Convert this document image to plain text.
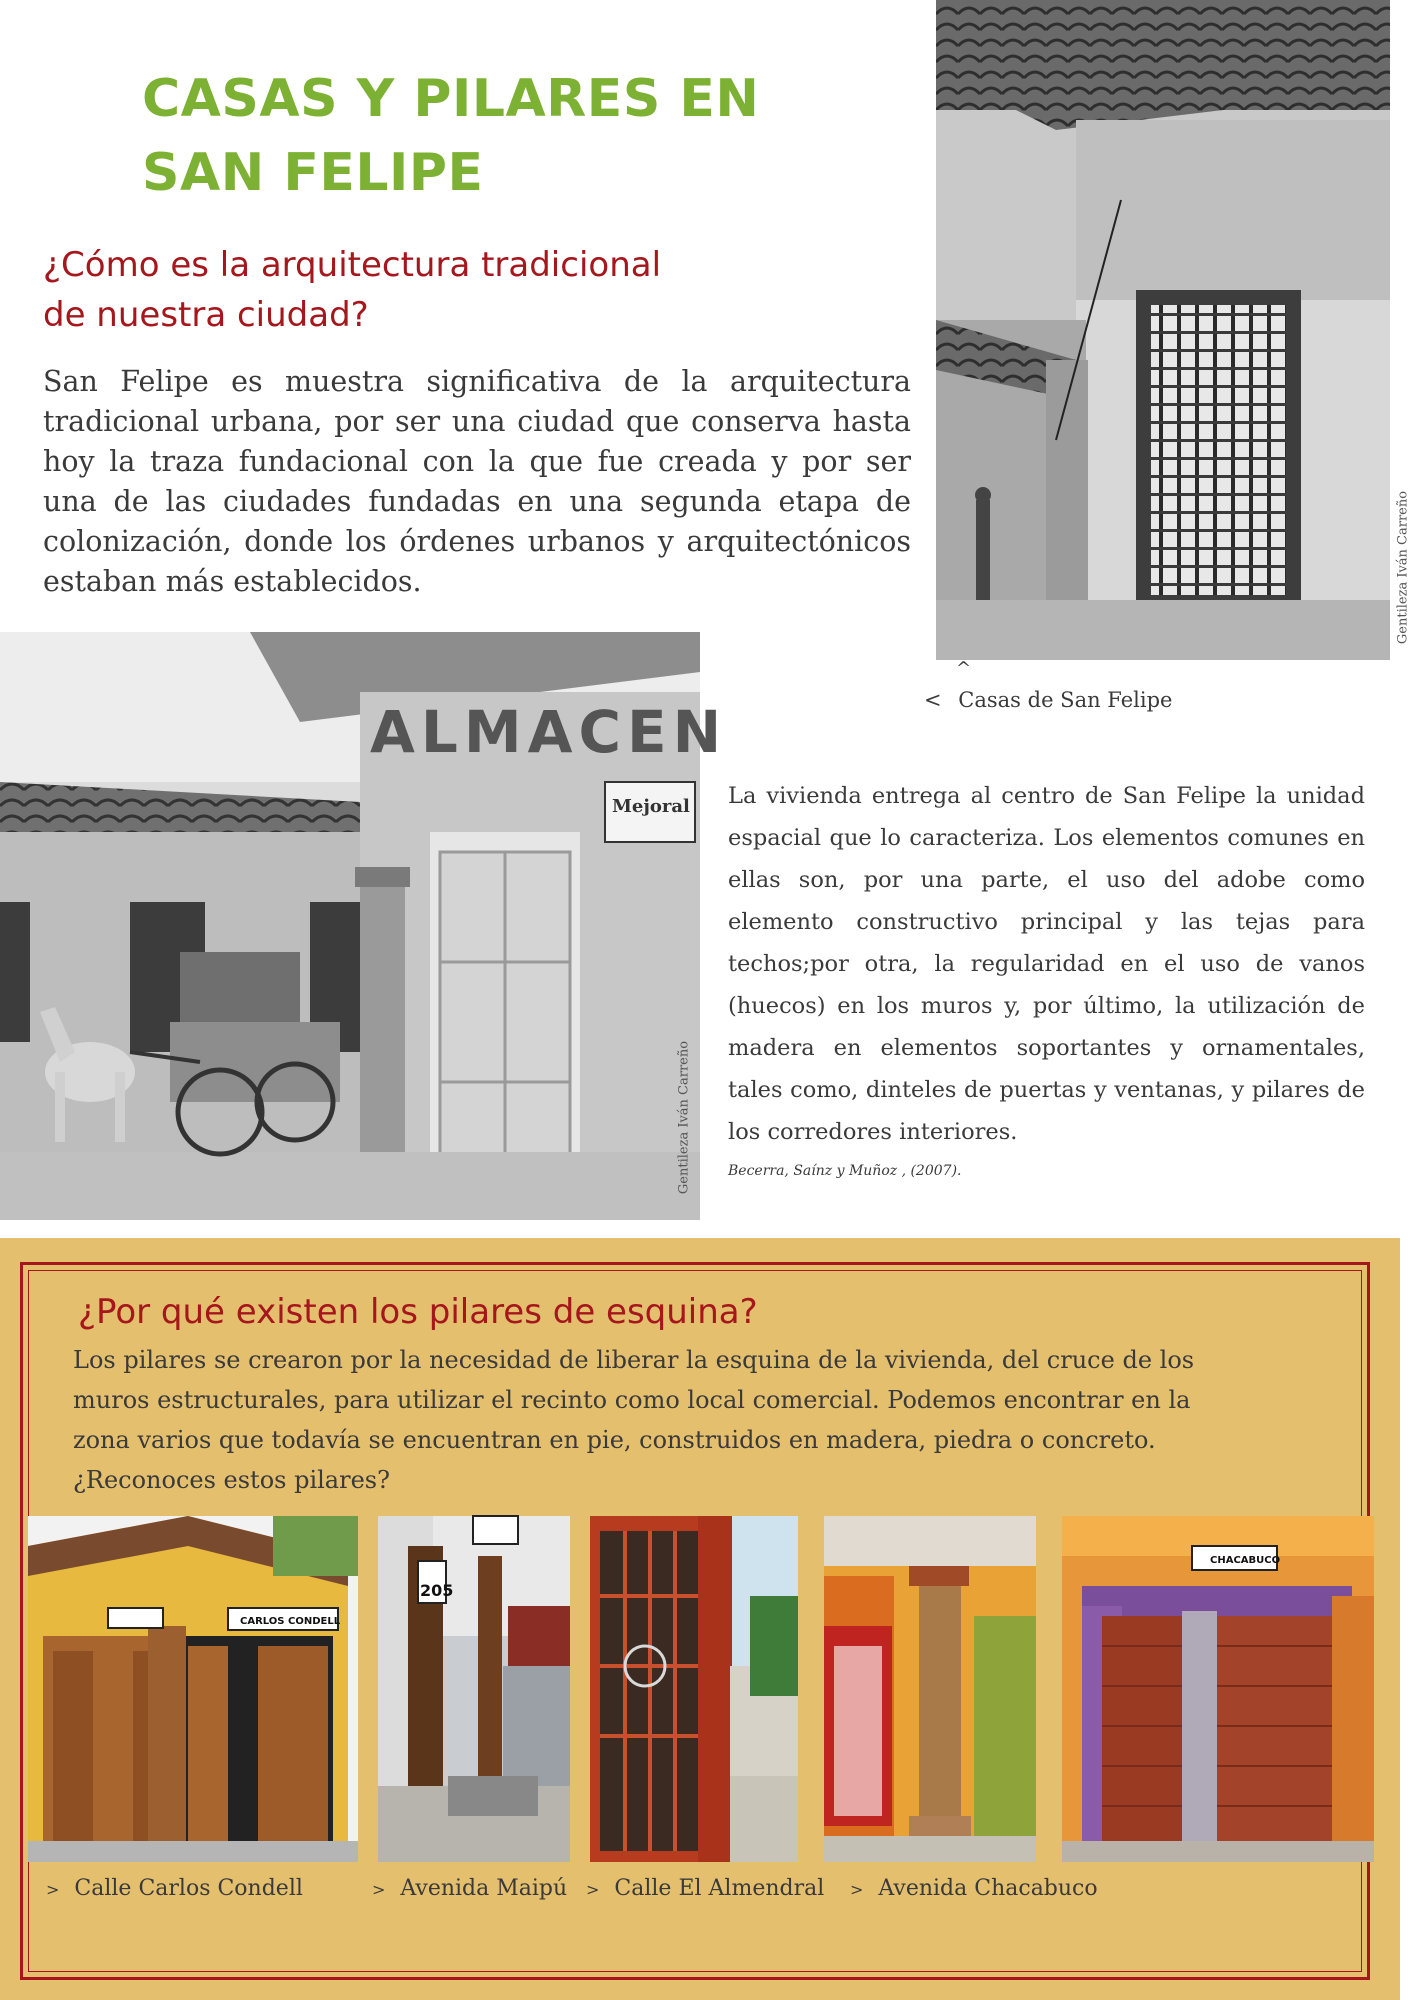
CASAS Y PILARES EN
SAN FELIPE
¿Cómo es la arquitectura tradicional
de nuestra ciudad?

San Felipe es muestra significativa de la arquitectura tradicional urbana, por ser una ciudad que conserva hasta hoy la traza fundacional con la que fue creada y por ser una de las ciudades fundadas en una segunda etapa de colonización, donde los órdenes urbanos y arquitectónicos estaban más establecidos.	Gentileza Iván Carreño
^
< Casas de San Felipe
ALMACEN
Mejoral
Gentileza Iván Carreño

La vivienda entrega al centro de San Felipe la unidad espacial que lo caracteriza. Los elementos comunes en ellas son, por una parte, el uso del adobe como elemento constructivo principal y las tejas para techos;por otra, la regularidad en el uso de vanos (huecos) en los muros y, por último, la utilización de madera en elementos soportantes y ornamentales, tales como, dinteles de puertas y ventanas, y pilares de los corredores interiores.

Becerra, Saínz y Muñoz , (2007).
¿Por qué existen los pilares de esquina?

Los pilares se crearon por la necesidad de liberar la esquina de la vivienda, del cruce de los
muros estructurales, para utilizar el recinto como local comercial. Podemos encontrar en la
zona varios que todavía se encuentran en pie, construidos en madera, piedra o concreto.
¿Reconoces estos pilares?

CARLOS CONDELL
205
CHACABUCO
> Calle Carlos Condell	> Avenida Maipú > Calle El Almendral > Avenida Chacabuco
